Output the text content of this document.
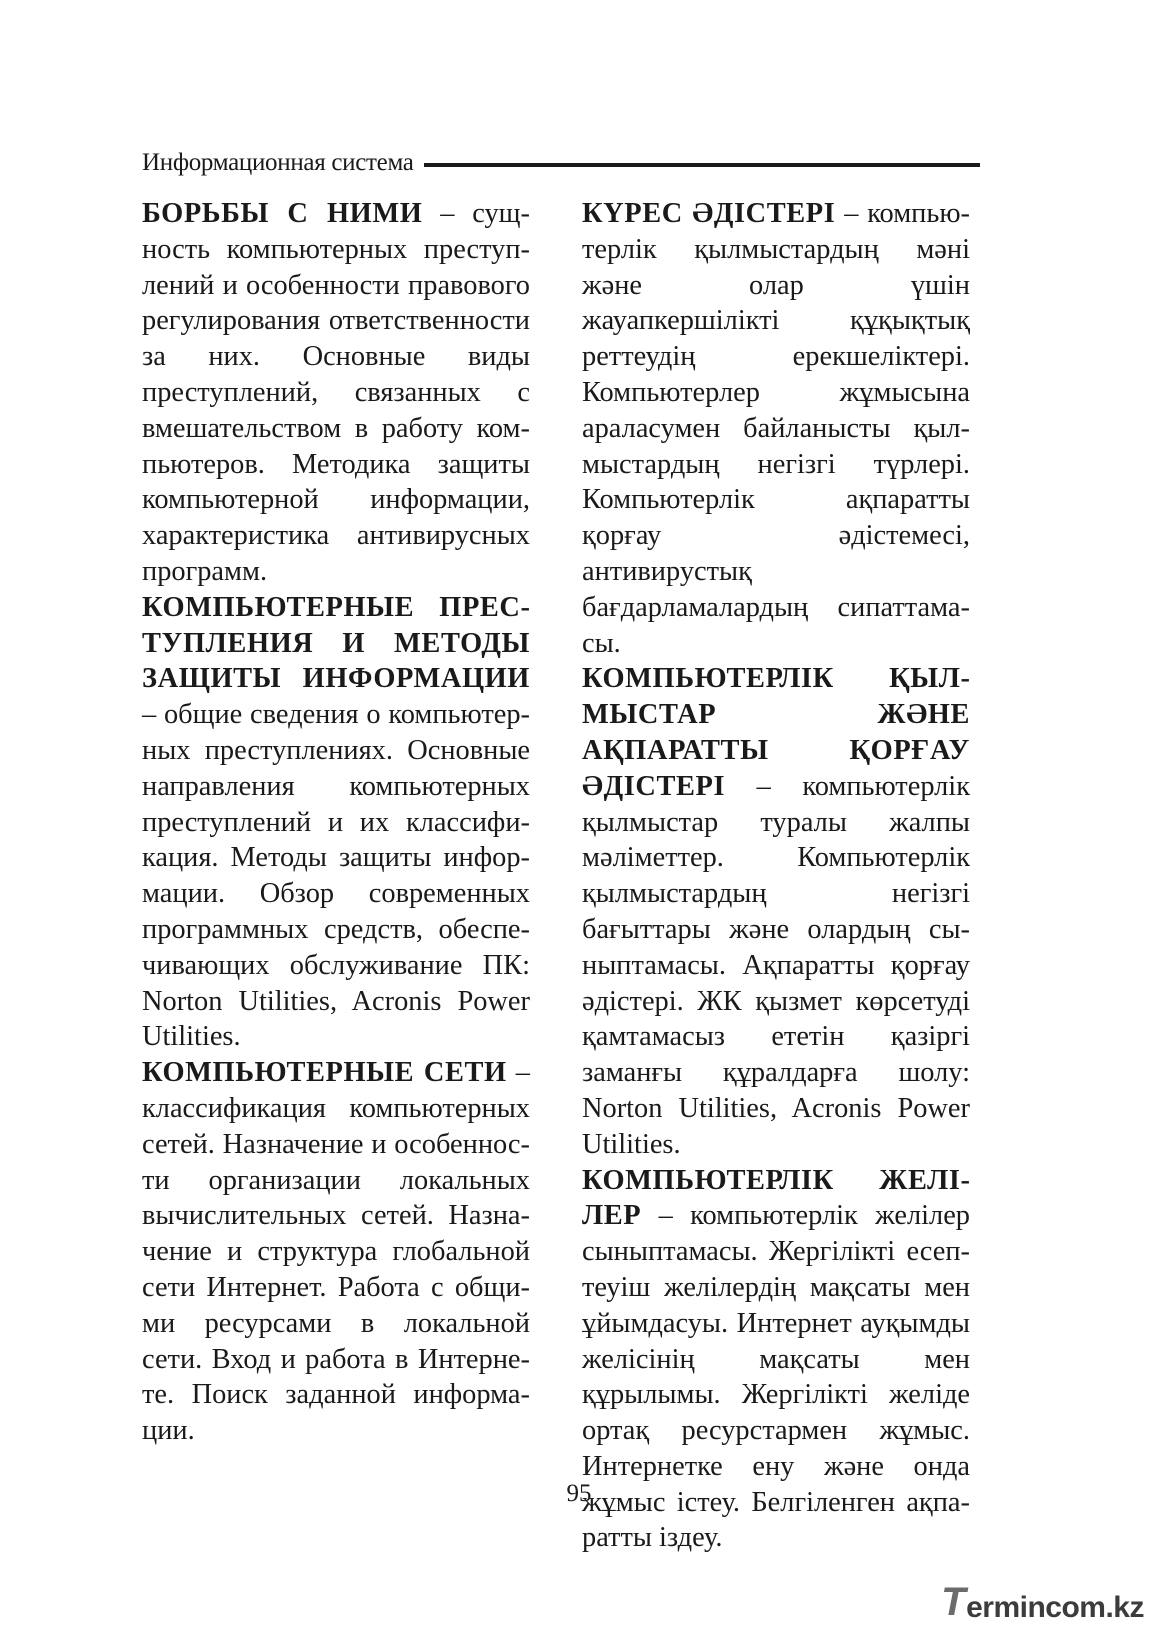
Информационная система

БОРЬБЫ С НИМИ – сущность компьютерных преступлений и особенности правового регулирования ответственности за них. Основные виды преступлений, связанных с вмешательством в работу компьютеров. Методика защиты компьютерной информации, характеристика антивирусных программ.

КОМПЬЮТЕРНЫЕ ПРЕСТУПЛЕНИЯ И МЕТОДЫ ЗАЩИТЫ ИНФОРМАЦИИ – общие сведения о компьютерных преступлениях. Основные направления компьютерных преступлений и их классификация. Методы защиты информации. Обзор современных программных средств, обеспечивающих обслуживание ПК: Norton Utilities, Acronis Power Utilities.

КОМПЬЮТЕРНЫЕ СЕТИ – классификация компьютерных сетей. Назначение и особенности организации локальных вычислительных сетей. Назначение и структура глобальной сети Интернет. Работа с общими ресурсами в локальной сети. Вход и работа в Интернете. Поиск заданной информации.

КҮРЕС ӘДІСТЕРІ – компьютерлік қылмыстардың мәні және олар үшін жауапкершілікті құқықтық реттеудің ерекшеліктері. Компьютерлер жұмысына араласумен байланысты қылмыстардың негізгі түрлері. Компьютерлік ақпаратты қорғау әдістемесі, антивирустық бағдарламалардың сипаттамасы.

КОМПЬЮТЕРЛІК ҚЫЛМЫСТАР ЖӘНЕ АҚПАРАТТЫ ҚОРҒАУ ӘДІСТЕРІ – компьютерлік қылмыстар туралы жалпы мәліметтер. Компьютерлік қылмыстардың негізгі бағыттары және олардың сыныптамасы. Ақпаратты қорғау әдістері. ЖК қызмет көрсетуді қамтамасыз ететін қазіргі заманғы құралдарға шолу: Norton Utilities, Acronis Power Utilities.

КОМПЬЮТЕРЛІК ЖЕЛІЛЕР – компьютерлік желілер сыныптамасы. Жергілікті есептеуіш желілердің мақсаты мен ұйымдасуы. Интернет ауқымды желісінің мақсаты мен құрылымы. Жергілікті желіде ортақ ресурстармен жұмыс. Интернетке ену және онда жұмыс істеу. Белгіленген ақпаратты іздеу.

95
T ermincom.kz
